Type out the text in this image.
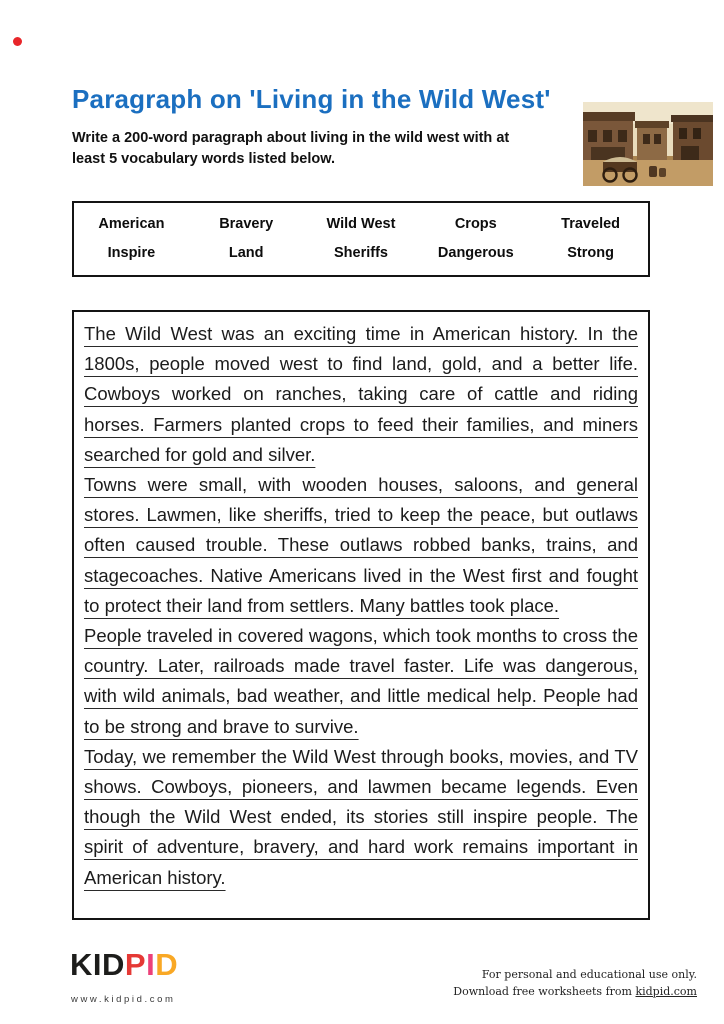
Paragraph on 'Living in the Wild West'
Write a 200-word paragraph about living in the wild west with at least 5 vocabulary words listed below.
American	Bravery	Wild West	Crops	Traveled
Inspire	Land	Sheriffs	Dangerous	Strong

The Wild West was an exciting time in American history. In the 1800s, people moved west to find land, gold, and a better life. Cowboys worked on ranches, taking care of cattle and riding horses. Farmers planted crops to feed their families, and miners searched for gold and silver.

Towns were small, with wooden houses, saloons, and general stores. Lawmen, like sheriffs, tried to keep the peace, but outlaws often caused trouble. These outlaws robbed banks, trains, and stagecoaches. Native Americans lived in the West first and fought to protect their land from settlers. Many battles took place.

People traveled in covered wagons, which took months to cross the country. Later, railroads made travel faster. Life was dangerous, with wild animals, bad weather, and little medical help. People had to be strong and brave to survive.

Today, we remember the Wild West through books, movies, and TV shows. Cowboys, pioneers, and lawmen became legends. Even though the Wild West ended, its stories still inspire people. The spirit of adventure, bravery, and hard work remains important in American history.

KIDPID
www.kidpid.com
For personal and educational use only.
Download free worksheets from kidpid.com
